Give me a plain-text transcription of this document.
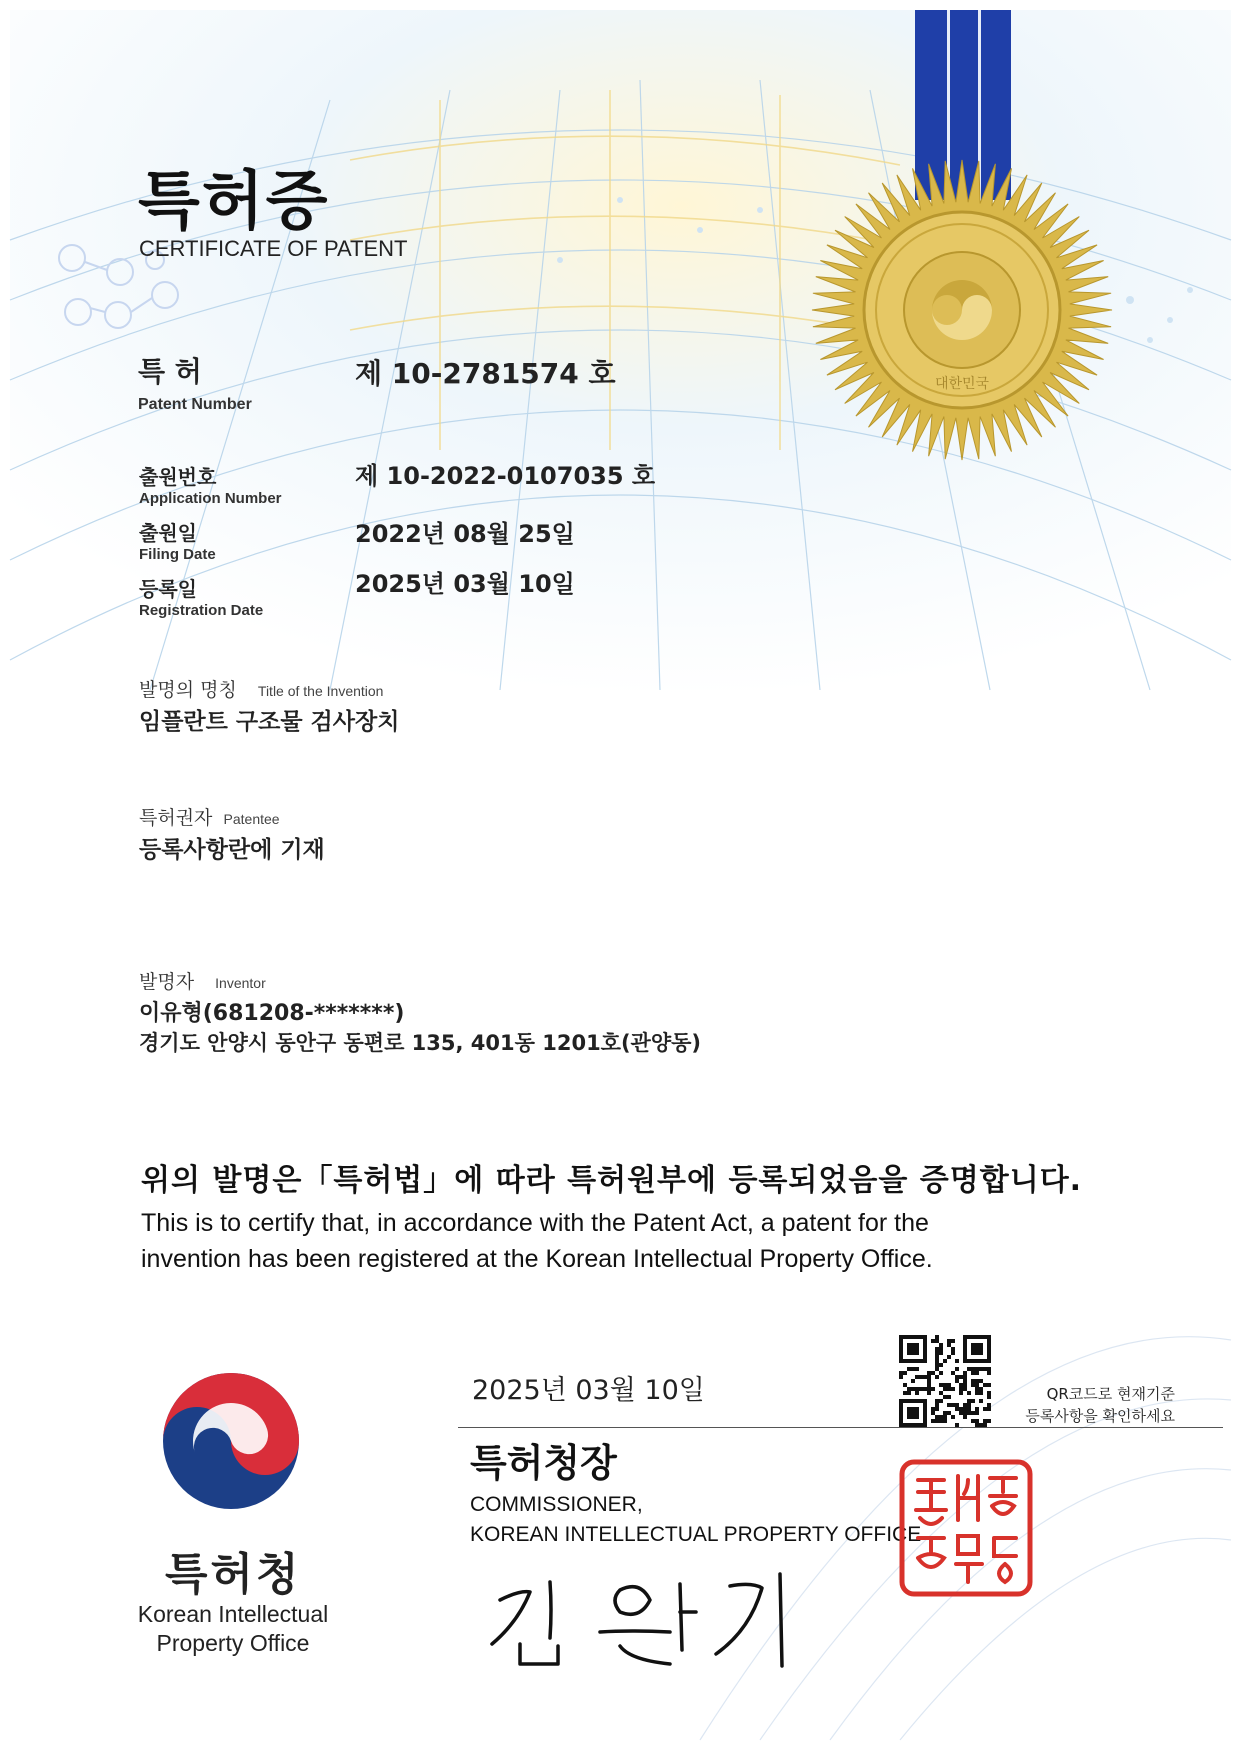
대한민국
특허증
CERTIFICATE OF PATENT
특 허
Patent Number
제 10-2781574 호
출원번호
Application Number
제 10-2022-0107035 호
출원일
Filing Date
2022년 08월 25일
등록일
Registration Date
2025년 03월 10일
발명의 명칭 Title of the Invention
임플란트 구조물 검사장치
특허권자 Patentee
등록사항란에 기재
발명자 Inventor
이유형(681208-*******)
경기도 안양시 동안구 동편로 135, 401동 1201호(관양동)
위의 발명은「특허법」에 따라 특허원부에 등록되었음을 증명합니다.
This is to certify that, in accordance with the Patent Act, a patent for the
invention has been registered at the Korean Intellectual Property Office.
2025년 03월 10일
특허청장
COMMISSIONER,
KOREAN INTELLECTUAL PROPERTY OFFICE
QR코드로 현재기준
등록사항을 확인하세요
특허청
Korean Intellectual
Property Office
